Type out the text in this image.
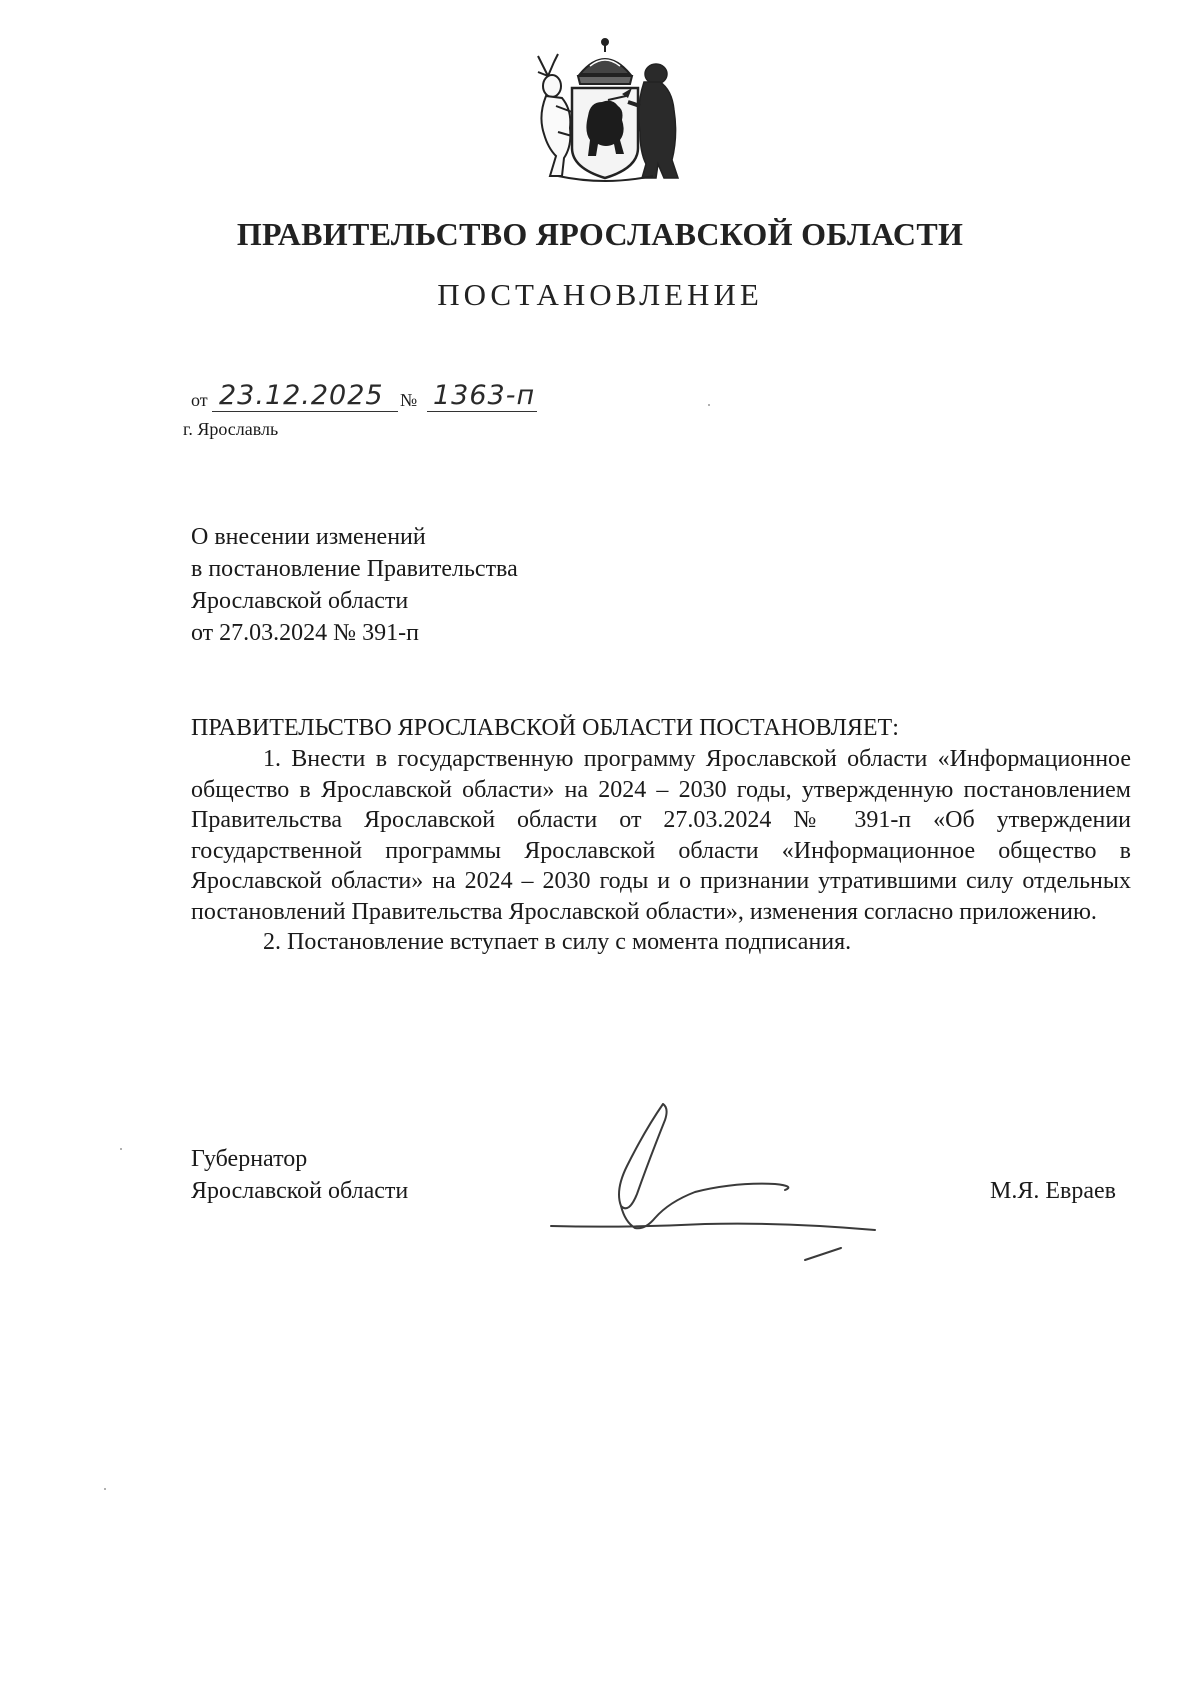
ПРАВИТЕЛЬСТВО ЯРОСЛАВСКОЙ ОБЛАСТИ
ПОСТАНОВЛЕНИЕ
от 23.12.2025 № 1363-п
г. Ярославль
О внесении изменений
в постановление Правительства
Ярославской области
от 27.03.2024 № 391-п
ПРАВИТЕЛЬСТВО ЯРОСЛАВСКОЙ ОБЛАСТИ ПОСТАНОВЛЯЕТ:

1. Внести в государственную программу Ярославской области «Информационное общество в Ярославской области» на 2024 – 2030 годы, утвержденную постановлением Правительства Ярославской области от 27.03.2024 № 391-п «Об утверждении государственной программы Ярославской области «Информационное общество в Ярославской области» на 2024 – 2030 годы и о признании утратившими силу отдельных постановлений Правительства Ярославской области», изменения согласно приложению.

2. Постановление вступает в силу с момента подписания.

Губернатор
Ярославской области	М.Я. Евраев
